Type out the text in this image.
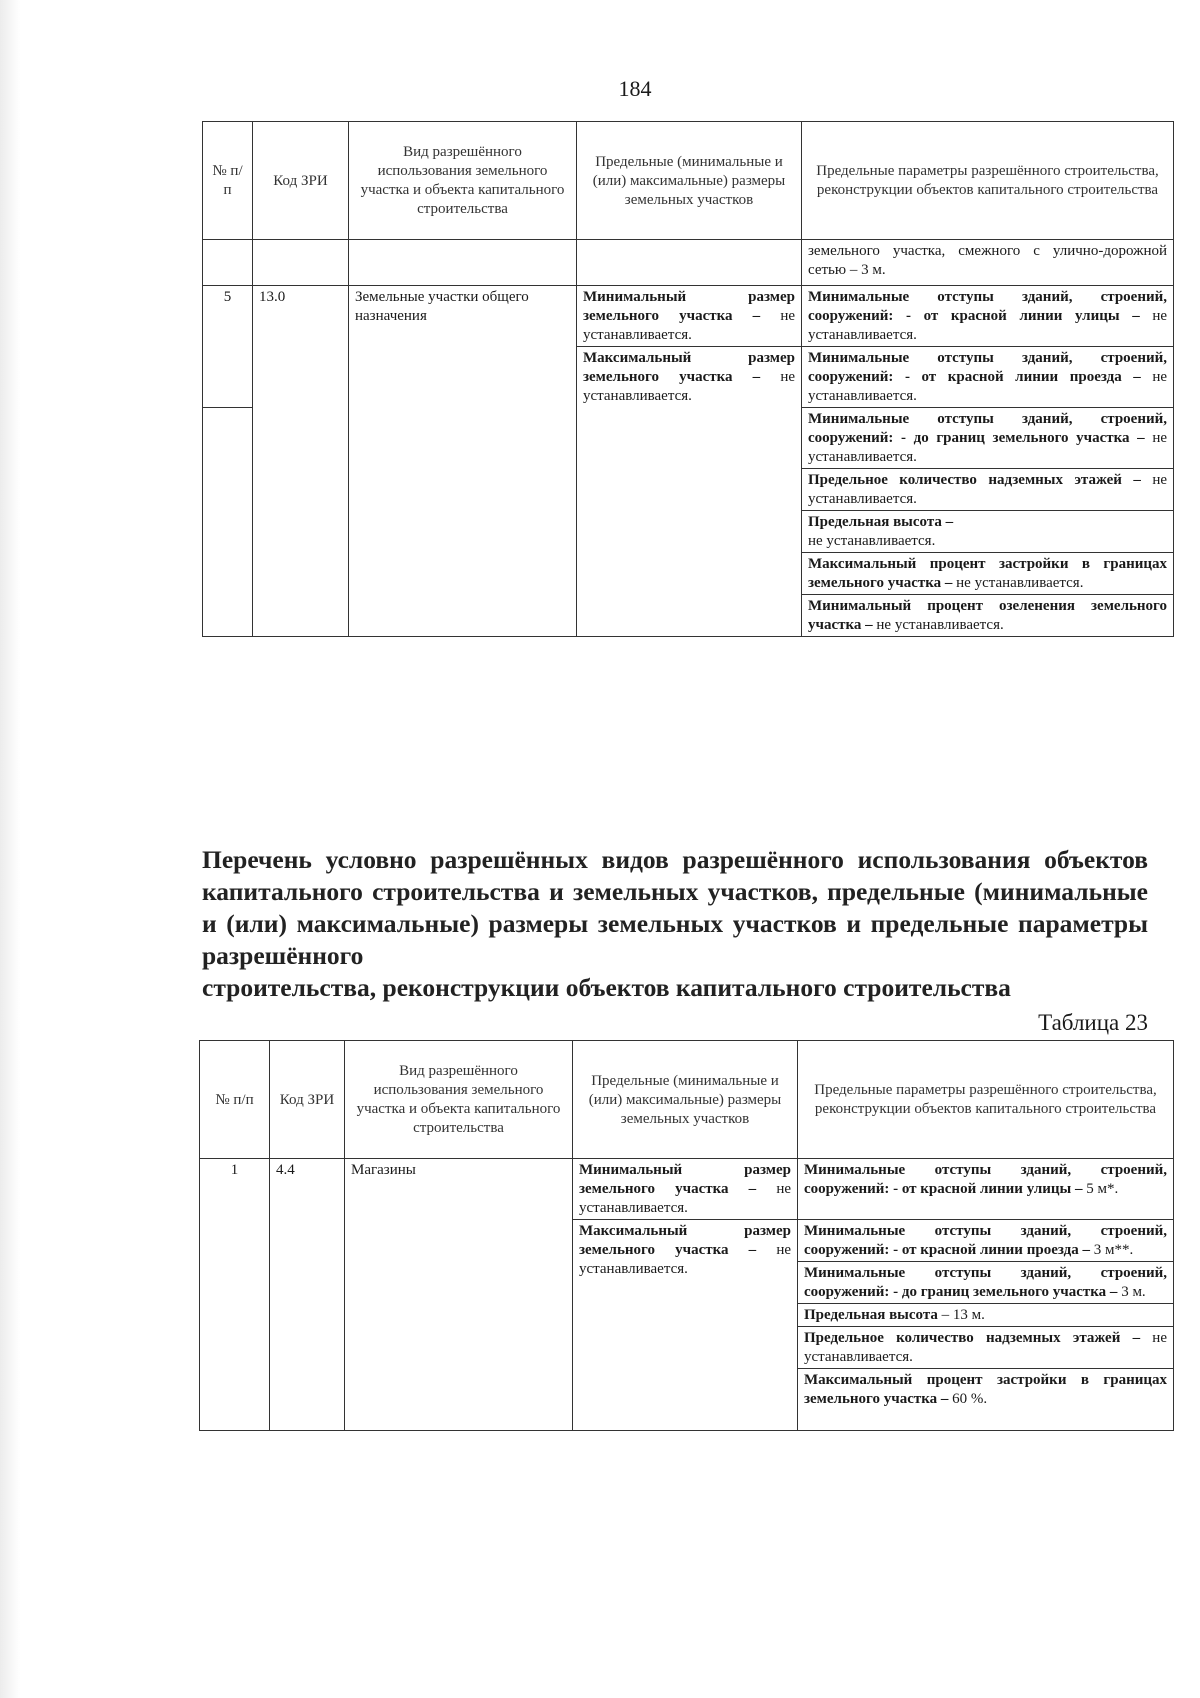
184
№ п/п	Код ЗРИ	Вид разрешённого использования земельного участка и объекта капитального строительства	Предельные (минимальные и (или) максимальные) размеры земельных участков	Предельные параметры разрешённого строительства, реконструкции объектов капитального строительства
				земельного участка, смежного с улично-дорожной сетью – 3 м.
5	13.0	Земельные участки общего назначения	Минимальный размер земельного участка – не устанавливается.	Минимальные отступы зданий, строений, сооружений: - от красной линии улицы – не устанавливается.
			Максимальный размер земельного участка – не устанавливается.	Минимальные отступы зданий, строений, сооружений: - от красной линии проезда – не устанавливается.
				Минимальные отступы зданий, строений, сооружений: - до границ земельного участка – не устанавливается.
				Предельное количество надземных этажей – не устанавливается.
				Предельная высота –
не устанавливается.
				Максимальный процент застройки в границах земельного участка – не устанавливается.
				Минимальный процент озеленения земельного участка – не устанавливается.
Перечень условно разрешённых видов разрешённого использования объектов капитального строительства и земельных участков, предельные (минимальные и (или) максимальные) размеры земельных участков и предельные параметры разрешённого
строительства, реконструкции объектов капитального строительства
Таблица 23
№ п/п	Код ЗРИ	Вид разрешённого использования земельного участка и объекта капитального строительства	Предельные (минимальные и (или) максимальные) размеры земельных участков	Предельные параметры разрешённого строительства, реконструкции объектов капитального строительства
1	4.4	Магазины	Минимальный размер земельного участка – не устанавливается.	Минимальные отступы зданий, строений, сооружений: - от красной линии улицы – 5 м*.
			Максимальный размер земельного участка – не устанавливается.	Минимальные отступы зданий, строений, сооружений: - от красной линии проезда – 3 м**.
				Минимальные отступы зданий, строений, сооружений: - до границ земельного участка – 3 м.
				Предельная высота – 13 м.
				Предельное количество надземных этажей – не устанавливается.
				Максимальный процент застройки в границах земельного участка – 60 %.
